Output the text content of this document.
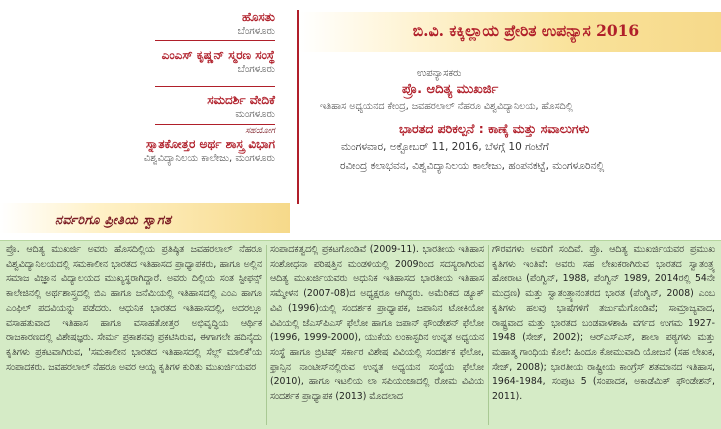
ಹೊಸತು
ಬೆಂಗಳೂರು
ಎಂಎಸ್ ಕೃಷ್ಣನ್ ಸ್ಮರಣ ಸಂಸ್ಥೆ
ಬೆಂಗಳೂರು
ಸಮದರ್ಶಿ ವೇದಿಕೆ
ಮಂಗಳೂರು
ಸಹಯೋಗ
ಸ್ನಾತಕೋತ್ತರ ಅರ್ಥ ಶಾಸ್ತ್ರ ವಿಭಾಗ
ವಿಶ್ವವಿದ್ಯಾನಿಲಯ ಕಾಲೇಜು, ಮಂಗಳೂರು
ಬಿ.ವಿ. ಕಕ್ಕಿಲ್ಲಾಯ ಪ್ರೇರಿತ ಉಪನ್ಯಾಸ 2016
ಉಪನ್ಯಾಸಕರು
ಪ್ರೊ. ಆದಿತ್ಯ ಮುಖರ್ಜಿ
ಇತಿಹಾಸ ಅಧ್ಯಯನದ ಕೇಂದ್ರ, ಜವಹರಲಾಲ್ ನೆಹರೂ ವಿಶ್ವವಿದ್ಯಾನಿಲಯ, ಹೊಸದಿಲ್ಲಿ
ಭಾರತದ ಪರಿಕಲ್ಪನೆ : ಕಾಣ್ಕೆ ಮತ್ತು ಸವಾಲುಗಳು
ಮಂಗಳವಾರ, ಅಕ್ಟೋಬರ್ 11, 2016, ಬೆಳಗ್ಗೆ 10 ಗಂಟೆಗೆ
ರವೀಂದ್ರ ಕಲಾಭವನ, ವಿಶ್ವವಿದ್ಯಾನಿಲಯ ಕಾಲೇಜು, ಹಂಪನಕಟ್ಟೆ, ಮಂಗಳೂರಿನಲ್ಲಿ
ನರ್ವರಿಗೂ ಪ್ರೀತಿಯ ಸ್ವಾಗತ
ಪ್ರೊ. ಆದಿತ್ಯ ಮುಖರ್ಜಿ ಅವರು ಹೊಸದಿಲ್ಲಿಯ ಪ್ರತಿಷ್ಠಿತ ಜವಹರಲಾಲ್ ನೆಹರೂ ವಿಶ್ವವಿದ್ಯಾನಿಲಯದಲ್ಲಿ ಸಮಕಾಲೀನ ಭಾರತದ ಇತಿಹಾಸದ ಪ್ರಾಧ್ಯಾಪಕರು, ಹಾಗೂ ಅಲ್ಲಿನ ಸಮಾಜ ವಿಜ್ಞಾನ ವಿದ್ಯಾಲಯದ ಮುಖ್ಯಸ್ಥರಾಗಿದ್ದಾರೆ. ಅವರು ದಿಲ್ಲಿಯ ಸಂತ ಸ್ಟೀಫನ್ಸ್ ಕಾಲೇಜಿನಲ್ಲಿ ಅರ್ಥಶಾಸ್ತ್ರದಲ್ಲಿ ಬಿಎ ಹಾಗೂ ಜನೆಮಿಯಲ್ಲಿ ಇತಿಹಾಸದಲ್ಲಿ ಎಂಎ ಹಾಗೂ ಎಂಫಿಲ್ ಪದವಿಯನ್ನು ಪಡೆದರು. ಆಧುನಿಕ ಭಾರತದ ಇತಿಹಾಸದಲ್ಲಿ, ಅದರಲ್ಲೂ ವಸಾಹತುವಾದ ಇತಿಹಾಸ ಹಾಗೂ ವಸಾಹತೋತ್ತರ ಅಭಿವೃದ್ಧಿಯ ಆರ್ಥಿಕ ರಾಜಕಾರಣದಲ್ಲಿ ವಿಶೇಷಜ್ಞರು. ಸೇರ್ಮ ಪ್ರಕಾಶನವು ಪ್ರಕಟಿಸಿರುವ, ಈಗಾಗಲೇ ಹದಿನೈದು ಕೃತಿಗಳು ಪ್ರಕಟವಾಗಿರುವ, 'ಸಮಕಾಲೀನ ಭಾರತದ ಇತಿಹಾಸದಲ್ಲಿ ಸೆಲ್ಲ್ ಮಾಲಿಕೆ'ಯ ಸಂಪಾದಕರು. ಜವಹರಲಾಲ್ ನೆಹರೂ ಅವರ ಆಯ್ದ ಕೃತಿಗಳ ಕುರಿತು ಮುಖರ್ಜಿಯವರ
ಸಂಪಾದಕತ್ವದಲ್ಲಿ ಪ್ರಕಟಗೊಂಡಿವೆ (2009-11). ಭಾರತೀಯ ಇತಿಹಾಸ ಸಂಶೋಧನಾ ಪರಿಷತ್ತಿನ ಮಂಡಳಿಯಲ್ಲಿ 2009ರಿಂದ ಸದಸ್ಯರಾಗಿರುವ ಆದಿತ್ಯ ಮುಖರ್ಜಿಯವರು ಅಧುನಿಕ ಇತಿಹಾಸದ ಭಾರತೀಯ ಇತಿಹಾಸ ಸಮ್ಮೇಳನ (2007-08)ದ ಅಧ್ಯಕ್ಷರೂ ಆಗಿದ್ದರು. ಅಮೆರಿಕದ ಡ್ಯೂಕ್ ವಿವಿ (1996)ಯಲ್ಲಿ ಸಂದರ್ಶಕ ಪ್ರಾಧ್ಯಾಪಕ, ಜಪಾನಿನ ಟೋಕಿಯೋ ವಿವಿಯಲ್ಲಿ ಜೆಎಸ್‌ಪಿಎಸ್ ಫೆಲೋ ಹಾಗೂ ಜಪಾನ್ ಫೌಂಡೇಶನ್ ಫೆಲೋ (1996, 1999-2000), ಯುಕೆಯ ಲಂಕಾಸ್ಟರಿನ ಉನ್ನತ ಅಧ್ಯಯನ ಸಂಸ್ಥೆ ಹಾಗೂ ಬ್ರಿಟಿಷ್ ಸರ್ಕಾರ ವಿಶೇಷ ವಿವಿಯಲ್ಲಿ ಸಂದರ್ಶಕ ಫೆಲೋ, ಫ್ರಾನ್ಸಿನ ನಾಂಟೀಸ್‌ನಲ್ಲಿರುವ ಉನ್ನತ ಅಧ್ಯಯನ ಸಂಸ್ಥೆಯ ಫೆಲೋ (2010), ಹಾಗೂ ಇಟಲಿಯ ಲಾ ಸಪಿಯಂಜಾದಲ್ಲಿ ರೋಮ ವಿವಿಯ ಸಂದರ್ಶಕ ಪ್ರಾಧ್ಯಾಪಕ (2013) ಮೊದಲಾದ
ಗೌರವಗಳು ಅವರಿಗೆ ಸಂದಿವೆ. ಪ್ರೊ. ಆದಿತ್ಯ ಮುಖರ್ಜಿಯವರ ಪ್ರಮುಖ ಕೃತಿಗಳು ಇಂತಿವೆ: ಅವರು ಸಹ ಲೇಖಕರಾಗಿರುವ ಭಾರತದ ಸ್ವಾತಂತ್ರ್ಯ ಹೋರಾಟ (ಪೆಂಗ್ವಿನ್, 1988, ಪೆಂಗ್ವಿನ್ 1989, 2014ರಲ್ಲಿ 54ನೇ ಮುದ್ರಣ) ಮತ್ತು ಸ್ವಾತಂತ್ರ್ಯಾನಂತರದ ಭಾರತ (ಪೆಂಗ್ವಿನ್, 2008) ಎಂಬ ಕೃತಿಗಳು ಹಲವು ಭಾಷೆಗಳಿಗೆ ತರ್ಜುಮೆಗೊಂಡಿವೆ; ಸಾಮ್ರಾಜ್ಯವಾದ, ರಾಷ್ಟ್ರವಾದ ಮತ್ತು ಭಾರತದ ಬಂಡವಾಳಶಾಹಿ ವರ್ಗದ ಉಗಮ 1927-1948 (ಸೇಜ್, 2002); ಆರ್‌ಎಸ್‌ಎಸ್, ಶಾಲಾ ಪಠ್ಯಗಳು ಮತ್ತು ಮಹಾತ್ಮ ಗಾಂಧಿಯ ಕೊಲೆ: ಹಿಂದೂ ಕೋಮುವಾದಿ ಯೋಜನೆ (ಸಹ ಲೇಖಕ, ಸೇಜ್, 2008); ಭಾರತೀಯ ರಾಷ್ಟ್ರೀಯ ಕಾಂಗ್ರೆಸ್ ಶತಮಾನದ ಇತಿಹಾಸ, 1964-1984, ಸಂಪುಟ 5 (ಸಂಪಾದಕ, ಅಕಾಡೆಮಿಕ್ ಫೌಂಡೇಶನ್, 2011).
